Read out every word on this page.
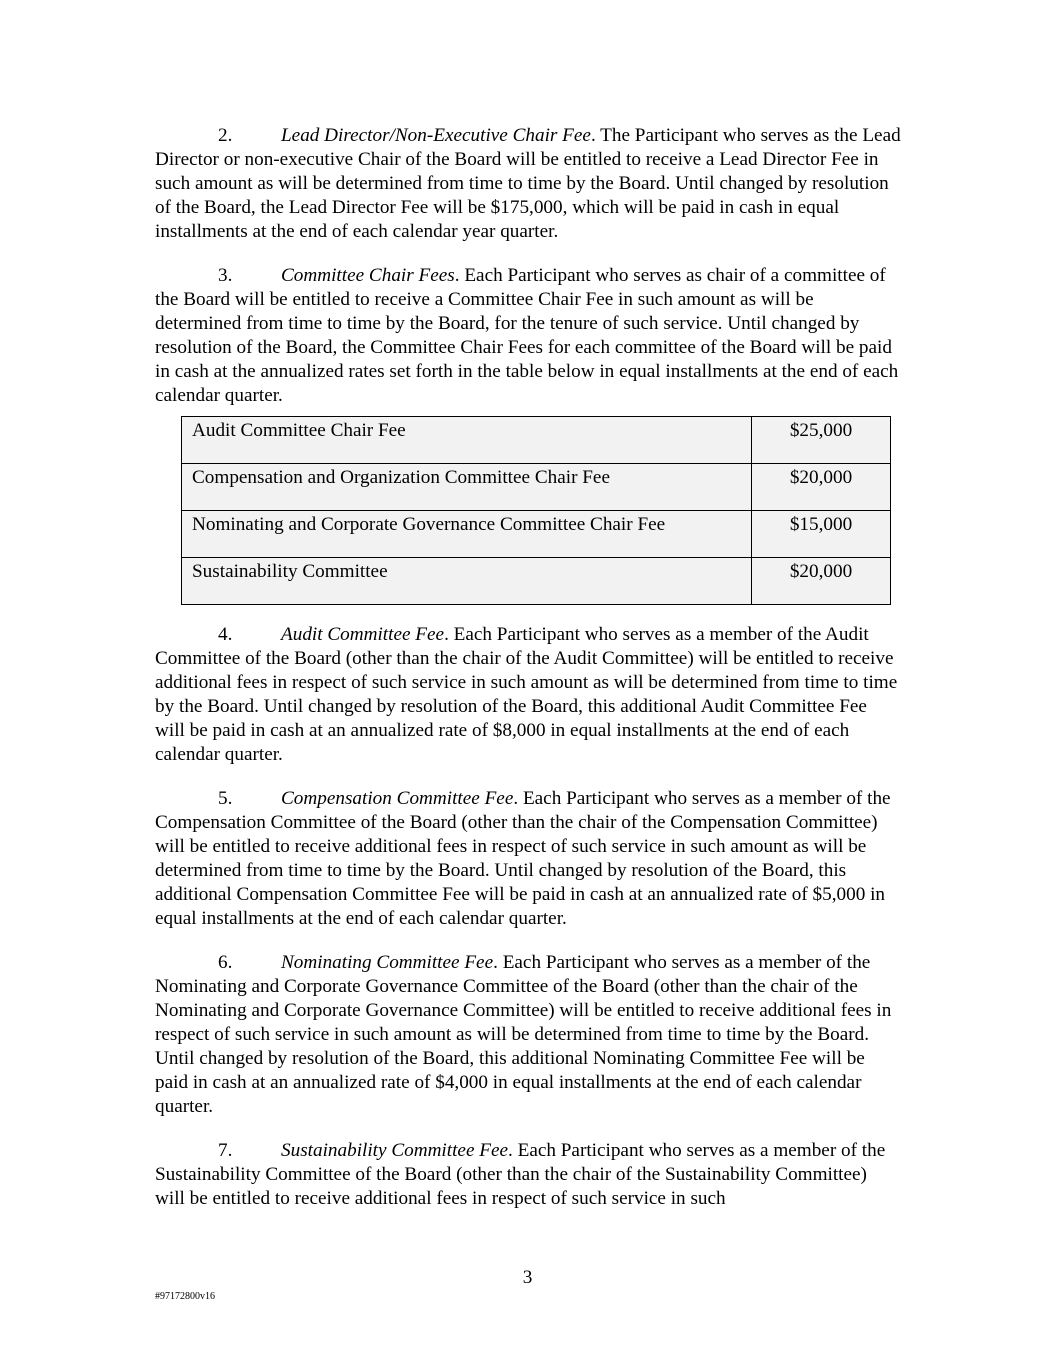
2.	Lead Director/Non-Executive Chair Fee. The Participant who serves as the Lead Director or non-executive Chair of the Board will be entitled to receive a Lead Director Fee in such amount as will be determined from time to time by the Board. Until changed by resolution of the Board, the Lead Director Fee will be $175,000, which will be paid in cash in equal installments at the end of each calendar year quarter.

3.	Committee Chair Fees. Each Participant who serves as chair of a committee of the Board will be entitled to receive a Committee Chair Fee in such amount as will be determined from time to time by the Board, for the tenure of such service. Until changed by resolution of the Board, the Committee Chair Fees for each committee of the Board will be paid in cash at the annualized rates set forth in the table below in equal installments at the end of each calendar quarter.

Audit Committee Chair Fee	$25,000
Compensation and Organization Committee Chair Fee	$20,000
Nominating and Corporate Governance Committee Chair Fee	$15,000
Sustainability Committee	$20,000

4.	Audit Committee Fee. Each Participant who serves as a member of the Audit Committee of the Board (other than the chair of the Audit Committee) will be entitled to receive additional fees in respect of such service in such amount as will be determined from time to time by the Board. Until changed by resolution of the Board, this additional Audit Committee Fee will be paid in cash at an annualized rate of $8,000 in equal installments at the end of each calendar quarter.

5.	Compensation Committee Fee. Each Participant who serves as a member of the Compensation Committee of the Board (other than the chair of the Compensation Committee) will be entitled to receive additional fees in respect of such service in such amount as will be determined from time to time by the Board. Until changed by resolution of the Board, this additional Compensation Committee Fee will be paid in cash at an annualized rate of $5,000 in equal installments at the end of each calendar quarter.

6.	Nominating Committee Fee. Each Participant who serves as a member of the Nominating and Corporate Governance Committee of the Board (other than the chair of the Nominating and Corporate Governance Committee) will be entitled to receive additional fees in respect of such service in such amount as will be determined from time to time by the Board. Until changed by resolution of the Board, this additional Nominating Committee Fee will be paid in cash at an annualized rate of $4,000 in equal installments at the end of each calendar quarter.

7.	Sustainability Committee Fee. Each Participant who serves as a member of the Sustainability Committee of the Board (other than the chair of the Sustainability Committee) will be entitled to receive additional fees in respect of such service in such

3
#97172800v16
